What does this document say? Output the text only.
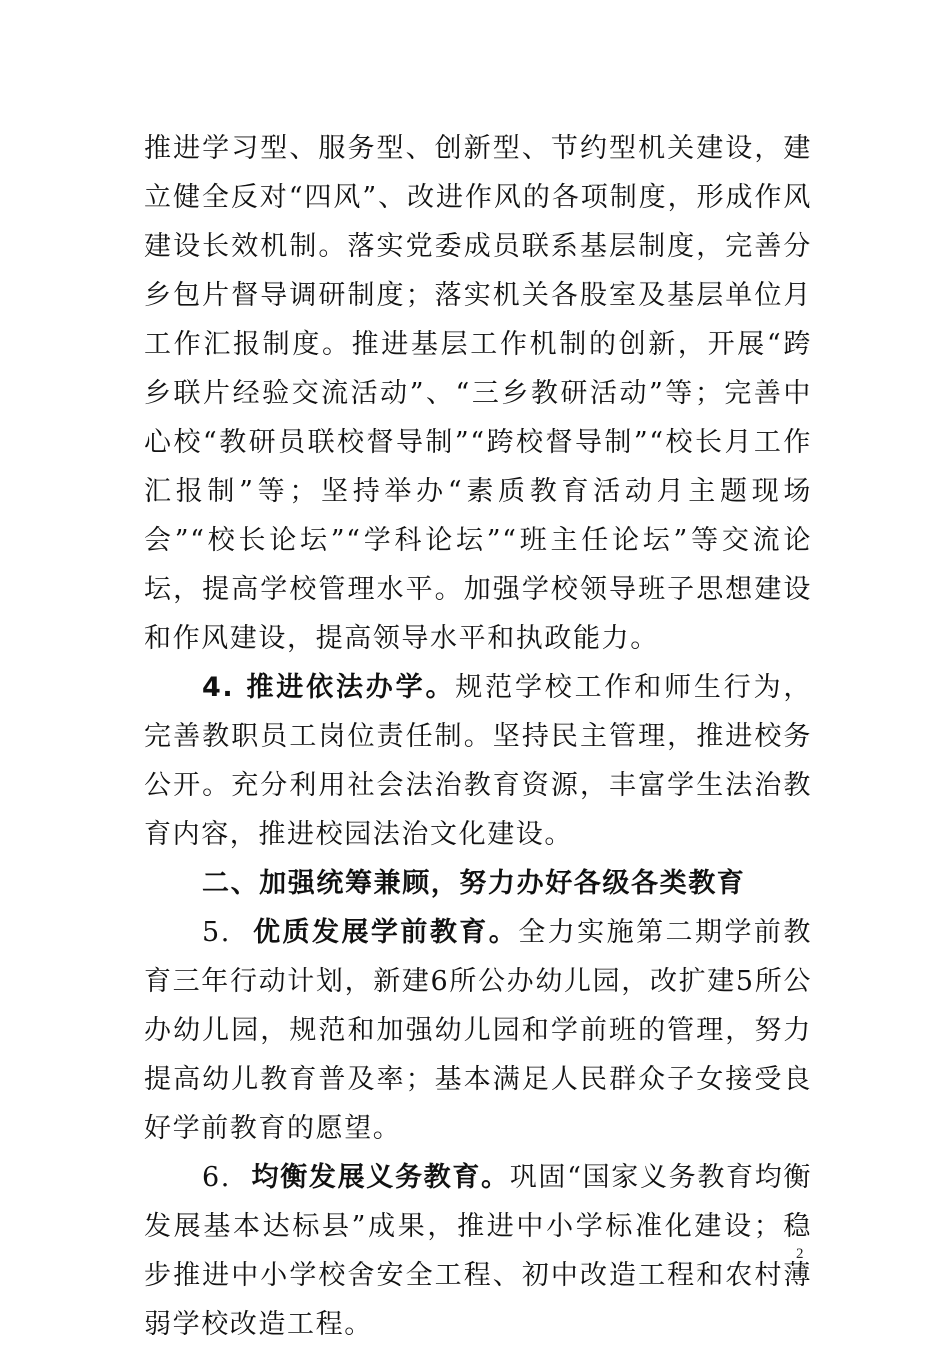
推进学习型、服务型、创新型、节约型机关建设，建立健全反对“四风”、改进作风的各项制度，形成作风建设长效机制。落实党委成员联系基层制度，完善分乡包片督导调研制度；落实机关各股室及基层单位月工作汇报制度。推进基层工作机制的创新，开展“跨乡联片经验交流活动”、“三乡教研活动”等；完善中心校“教研员联校督导制”“跨校督导制”“校长月工作汇报制”等；坚持举办“素质教育活动月主题现场会”“校长论坛”“学科论坛”“班主任论坛”等交流论坛，提高学校管理水平。加强学校领导班子思想建设和作风建设，提高领导水平和执政能力。

4. 推进依法办学。规范学校工作和师生行为，完善教职员工岗位责任制。坚持民主管理，推进校务公开。充分利用社会法治教育资源，丰富学生法治教育内容，推进校园法治文化建设。

二、加强统筹兼顾，努力办好各级各类教育

5. 优质发展学前教育。全力实施第二期学前教育三年行动计划，新建6所公办幼儿园，改扩建5所公办幼儿园，规范和加强幼儿园和学前班的管理，努力提高幼儿教育普及率；基本满足人民群众子女接受良好学前教育的愿望。

6. 均衡发展义务教育。巩固“国家义务教育均衡发展基本达标县”成果，推进中小学标准化建设；稳步推进中小学校舍安全工程、初中改造工程和农村薄弱学校改造工程。

2
